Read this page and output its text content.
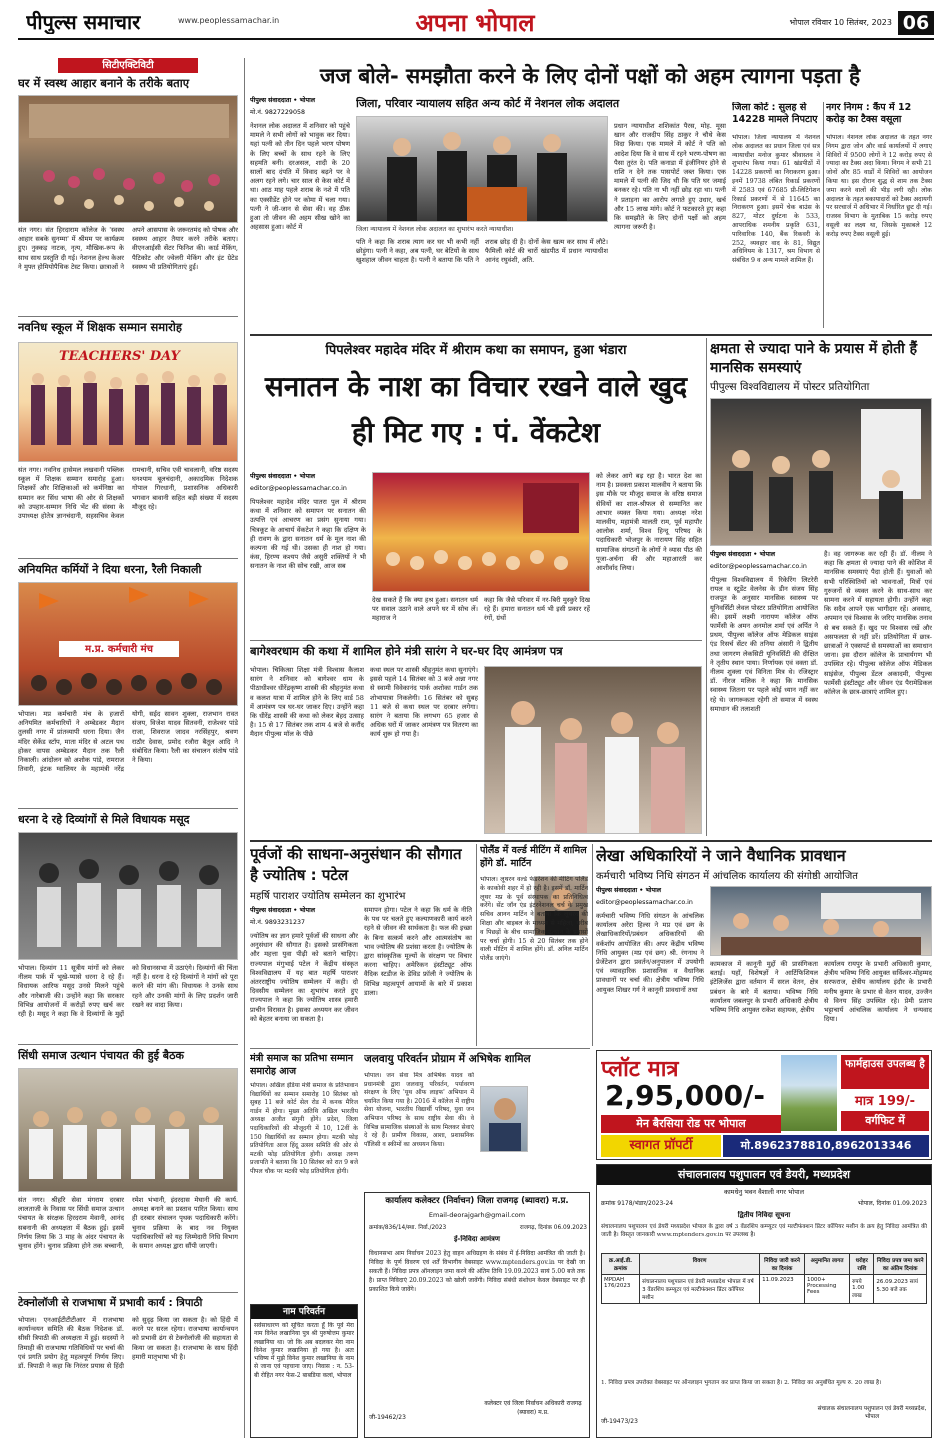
पीपुल्स समाचार	www.peoplessamachar.in	अपना भोपाल	भोपाल रविवार 10 सितंबर, 2023 06
सिटीएक्टिविटी
घर में स्वस्थ आहार बनाने के तरीके बताए
संत नगर। संत हिरदाराम कॉलेज के 'स्वस्थ आहार सबके सुनम्मा' में श्रीमम पर कार्यक्रम हुए। नुक्कड़ नाटक, नृत्य, मौखिक-रूप के साथ साथ प्रस्तुति दी गई। नेशनल हेल्थ केअर ने मुफ्त होमियोपैथिक टेस्ट किया। छात्राओं ने अपने आसपास के जरूरतमंद को पोषक और स्वस्थ्य आहार तैयार करने तरीके बताए। वीएनआईसी सेंटर फिनिश की। कार्ड मेकिंग, पैटिकोट और ज्वेलरी मेकिंग और इंट ग्रेटेड स्वस्थ्य भी प्रतियोगिताएं हुईं।
नवनिध स्कूल में शिक्षक सम्मान समारोह
TEACHERS' DAY
संत नगर। नवनिध हासेमल लखवानी पब्लिक स्कूल में शिक्षक सम्मान समारोह हुआ। शिक्षकों और शिक्षिकाओं को कर्मनिष्ठा का सम्मान कर सिंध भाषा की ओर से शिक्षकों को उपहार-सम्मान निधि भेंट की संस्था के उपाध्यक्ष होतेत्र ज्ञानचंदानी, सहसचिव केवल रामचानी, सचिव एवी चावलानी, वरिष्ठ सदस्य घनश्याम बूलचंदानी, अकादमिक निदेशक गोपाल गिरधानी, प्रशासनिक अधिकारी भगवान बावानी सहित बड़ी संख्या में सदस्य मौजूद रहे।
अनियमित कर्मियों ने दिया धरना, रैली निकाली
म.प्र. कर्मचारी मंच
भोपाल। मप्र कर्मचारी मंच के हजारों अनियमित कर्मचारियों ने अम्बेडकर मैदान तुलसी नगर में प्रांतव्यापी धरना दिया। जैन मंदिर सेकेंड स्टॉप, माता मंदिर से अटल पथ होकर वापस अम्बेडकर मैदान तक रैली निकाली। आंदोलन को अशोक पांडे, रामराज तिवारी, इंटक ग्वालियर के महामंत्री नरेंद्र योगी, सईद सावन शुक्ला, राजभान रावत संजय, विजेश यादव सितवनी, राजेश्वर पांडे राजा, शिवराज जादव नरसिंहपुर, श्रवण राठौर देवास, प्रमोद रजौरा बैतूल आदि ने संबोधित किया। रैली का संचालन संतोष पांडे ने किया।
धरना दे रहे दिव्यांगों से मिले विधायक मसूद
भोपाल। दिव्यांग 11 सूत्रीय मांगों को लेकर नीलम पार्क में भूखे-प्यासे धरना दे रहे हैं। विधायक आरिफ मसूद उनसे मिलने पहुंचे और नारेबाजी की। उन्होंने कहा कि सरकार विभिन्न आयोजनों में करोड़ों रुपए खर्च कर रही है। मसूद ने कहा कि वे दिव्यांगों के मुद्दों को विधानसभा में उठाएंगे। दिव्यांगों की चिंता नहीं है। धरना दे रहे दिव्यांगों ने मांगों को पूरा करने की मांग की। विधायक ने उनके साथ रहने और उनकी मांगों के लिए प्रदर्शन जारी रखने का वादा किया।
सिंधी समाज उत्थान पंचायत की हुई बैठक
संत नगर। श्रीहरि सेवा मंगराम दरबार लालताजी के निवास पर सिंधी समाज उत्थान पंचायत के संरक्षक हिरदराम मेवानी, आनंद सबनानी की अध्यक्षता में बैठक हुई। इसमें निर्णय लिया कि 3 माह के अंदर पंचायत के चुनाव होंगे। चुनाव प्रक्रिया होने तक बच्चानी, रमेश भंभानी, इंदरदास मेघानी की कार्य. अध्यक्ष बनाने का प्रस्ताव पारित किया। साथ ही दरबार संचालन पृथक पदाधिकारी करेंगे। चुनाव प्रक्रिया के बाद नव नियुक्त पदाधिकारियों को यह जिम्मेदारी निधि विभाग के समान अध्यक्ष द्वारा सौंपी जाएगी।
टेक्नोलॉजी से राजभाषा में प्रभावी कार्य : त्रिपाठी
भोपाल। एनआईटीटीटीआर में राजभाषा कार्यान्वयन समिति की बैठक निदेशक डॉ. सीसी त्रिपाठी की अध्यक्षता में हुई। सदस्यों ने तिमाही की राजभाषा गतिविधियों पर चर्चा की एवं प्रगति प्रयोग हेतु महत्वपूर्ण निर्णय लिए। डॉ. त्रिपाठी ने कहा कि निरंतर प्रयास से हिंदी को सुदृढ़ किया जा सकता है। को हिंदी में करने पर सरल रहेगा। राजभाषा कार्यान्वयन को प्रभावी ढंग से टेक्नोलॉजी की सहायता से किया जा सकता है। राजभाषा के साथ हिंदी हमारी मातृभाषा भी है।
जज बोले- समझौता करने के लिए दोनों पक्षों को अहम त्यागना पड़ता है
पीपुल्स संवाददाता • भोपाल
मो.नं. 9827229058
जिला, परिवार न्यायालय सहित अन्य कोर्ट में नेशनल लोक अदालत
जिला न्यायालय में नेशनल लोक अदालत का शुभारंभ करते न्यायाधीश।
नेशनल लोक अदालत में शनिवार को पहुंचे मामले ने सभी लोगों को भावुक कर दिया। यहां पत्नी को तीन दिन पहले भरण पोषण के लिए बच्चों के साथ रहने के लिए सहमति बनी। दरअसल, शादी के 20 सालों बाद दंपति में विवाद बढ़ने पर वे अलग रहने लगे। चार साल से केस कोर्ट में था। आठ माह पहले शराब के नशे में पति का एक्सीडेंट होने पर कोमा में चला गया। पत्नी ने जी-जान से सेवा की। वह ठीक हुआ तो जीवन की अहम सीख खोने का अहसास हुआ। कोर्ट में
पति ने कहा कि शराब त्याग कर घर भी कभी नहीं छोड़ूंगा। पत्नी ने कहा, अब पत्नी, घर बेटियों के साथ खुशहाल जीवन चाहता है। पत्नी ने बताया कि पति ने शराब छोड़ दी है। दोनों केस खत्म कर साथ में लौटे। फैमिली कोर्ट की चारों खंडपीठ में प्रधान न्यायाधीश आनंद रघुवंशी, अति.
प्रधान न्यायाधीश शशिकांत पैरस, मोह. मूसा खान और राजदीप सिंह ठाकुर ने चौथे केस विदा किया। एक मामले में कोर्ट ने पति को आदेश दिया कि वे साथ में रहने भरण-पोषण का पैसा तुरंत दे। पति कनाडा में इंजीनियर होने से राशि न देने तक पासपोर्ट जब्त किया। एक मामले में पत्नी की जिद थी कि पति घर जमाई बनकर रहे। पति ना भी नहीं छोड़ रहा था। पत्नी ने प्रताड़ना का आरोप लगाते हुए उधार, खर्च और 15 लाख मांगे। कोर्ट ने फटकारते हुए कहा कि समझौते के लिए दोनों पक्षों को अहम त्यागना जरूरी है।
जिला कोर्ट : सुलह से 14228 मामले निपटाए
भोपाल। जिला न्यायालय में नेशनल लोक अदालत का प्रधान जिला एवं सत्र न्यायाधीश मनोज कुमार श्रीवास्तव ने शुभारंभ किया गया। 61 खंडपीठों में 14228 प्रकरणों का निराकरण हुआ। इनमें 19738 लंबित रिकार्ड प्रकरणों में 2583 एवं 67685 प्री-लिटिगेशन रिकार्ड प्रकरणों में से 11645 का निराकरण हुआ। इसमें चेक बाउंस के 827, मोटर दुर्घटना के 533, आपराधिक शमनीय प्रकृति 631, पारिवारिक 140, बैंक रिकवरी के 252, व्यवहार वाद के 81, विद्युत अधिनियम के 1317, श्रम विभाग से संबंधित 9 व अन्य मामले शामिल हैं।
नगर निगम : कैंप में 12 करोड़ का टैक्स वसूला
भोपाल। नेशनल लोक अदालत के तहत नगर निगम द्वारा जोन और वार्ड कार्यालयों में लगाए शिविरों में 9500 लोगों ने 12 करोड़ रुपए से ज्यादा का टैक्स अदा किया। निगम ने सभी 21 जोनों और 85 वार्डों में शिविरों का आयोजन किया था। इस दौरान शुद्ध से शाम तक टैक्स जमा करने वालों की भीड़ लगी रही। लोक अदालत के तहत बकायादारों को टैक्स अदायगी पर सरचार्ज में अधिभार में निर्धारित छूट दी गई। राजस्व विभाग के मुताबिक 15 करोड़ रुपए वसूली का लक्ष्य था, जिसके मुकाबले 12 करोड़ रुपए टैक्स वसूली हुई।
पिपलेश्वर महादेव मंदिर में श्रीराम कथा का समापन, हुआ भंडारा
सनातन के नाश का विचार रखने वाले खुद ही मिट गए : पं. वेंकटेश
पीपुल्स संवाददाता • भोपाल
editor@peoplessamachar.co.in
पिपलेश्वर महादेव मंदिर पातरा पुल में श्रीराम कथा में शनिवार को समापन पर सनातन की उत्पत्ति एवं आचरण का प्रसंग सुनाया गया। चित्रकूट के आचार्य वेंकटेश ने कहा कि दक्षिण के ही रावण के द्वारा सनातन धर्म के मूल नाश की कल्पना की गई थी। उसका ही नाश हो गया। कंस, हिरण्य कश्यप जैसे असुरी शक्तियों ने भी सनातन के नाश की सोच रखी, आज सब
देख सकते हैं कि क्या हश्र हुआ। सनातन धर्म पर सवाल उठाने वाले अपने घर में सोच लें। महाराज ने
कहा कि जैसे परिवार में नर-बिरी मुस्कुरे दिख रहे हैं। हमारा सनातन धर्म भी इसी प्रकार रहें रंगों, ग्रंथों
को लेकर आगे बढ़ रहा है। भारत देश का नाम है। प्रवक्ता प्रकाश मालवीय ने बताया कि इस मौके पर मौजूद समाज के वरिष्ठ समाज सेवियों का शाल-श्रीफल से सम्मानित कर आभार व्यक्त किया गया। अध्यक्ष नरेश मालवीय, महामंत्री मालती राम, पूर्व महापौर आलोक शर्मा, विश्व हिन्दू परिषद के पदाधिकारी भोजपुर के नारायण सिंह सहित सामाजिक संगठनों के लोगों ने व्यास पीठ की पूजा-अर्चना की और महाआरती कर आशीर्वाद लिया।
क्षमता से ज्यादा पाने के प्रयास में होती हैं मानसिक समस्याएं
पीपुल्स विश्वविद्यालय में पोस्टर प्रतियोगिता
पीपुल्स संवाददाता • भोपाल
editor@peoplessamachar.co.in
पीपुल्स विश्वविद्यालय में रिकेरिंग लिटरेरी रायल व स्टूडेंट वेलनेस के डीन संजय सिंह राजपूत के अनुसार मानसिक स्वास्थ्य पर यूनिवर्सिटी लेवल पोस्टर प्रतियोगिता आयोजित की। इसमें लक्ष्मी नारायण कॉलेज ऑफ फार्मेसी के अमन अनमोल शर्मा एवं अर्पित ने प्रथम, पीपुल्स कॉलेज ऑफ मेडिकल साइंस एंड रिसर्च सेंटर की तनिया अंसारी ने द्वितीय तथा जागरण लेकसिटी यूनिवर्सिटी की दीक्षित ने तृतीय स्थान पाया। निर्णायक एवं वक्ता डॉ. नीलम शुक्ला एवं विनिता मित्र थे। रजिस्ट्रार डॉ. नीरज मलिक ने कहा कि मानसिक स्वास्थ्य जितना पर पहले कोई ध्यान नहीं कर रहे थे। जागरूकता रहेगी तो समाज में स्वस्थ समाधान की तलाशती
है। वह जागरूक कर रही हैं। डॉ. नीलम ने कहा कि क्षमता से ज्यादा पाने की कोशिश में मानसिक समस्याएं पैदा होती हैं। युवाओं को सभी परिस्थितियों को भावनाओं, मित्रों एवं गुरुजनों से व्यक्त करने के साथ-साथ कर सामना करने में सहायता होगी। उन्होंने कहा कि सदैव आपने एक भागीदार रहें। अवसाद, अपमान एवं विश्वास के जरिए मानसिक तनाव से बच सकते हैं। खुद पर विश्वास रखें और असफलता से नहीं डरें। प्रतियोगिता में छात्र-छात्राओं ने एक्सपर्ट से समस्याओं का समाधान जाना। इस दौरान कॉलेज के प्राचार्यगण भी उपस्थित रहे। पीपुल्स कॉलेज ऑफ मेडिकल साइंसेज, पीपुल्स डेंटल अकादमी, पीपुल्स फार्मेसी इंस्टीट्यूट और जीवन एंड पैरामेडिकल कॉलेज के छात्र-छात्राएं शामिल हुए।
बागेश्वरधाम की कथा में शामिल होने मंत्री सारंग ने घर-घर दिए आमंत्रण पत्र
भोपाल। चिकित्सा शिक्षा मंत्री विश्वास कैलाश सारंग ने शनिवार को बागेश्वर धाम के पीठाधीश्वर धीरेंद्रकृष्ण शास्त्री की श्रीहनुमंत कथा व कलश यात्रा में शामिल होने के लिए वार्ड 58 में आमंत्रण पत्र घर-घर जाकर दिए। उन्होंने कहा कि धीरेंद्र शास्त्री की कथा को लेकर बेहद उत्साह है। 15 से 17 सितंबर तक शाम 4 बजे से करौंद मैदान पीपुल्स मॉल के पीछे
कथा स्थल पर शास्त्री श्रीहनुमंत कथा सुनाएंगे। इससे पहले 14 सितंबर को 3 बजे अन्ना नगर से स्वामी विवेकानंद पार्क अशोका गार्डन तक शोभायात्रा निकलेगी। 16 सितंबर को सुबह 11 बजे से कथा स्थल पर दरबार लगेगा। सारंग ने बताया कि लगभग 65 हजार से अधिक घरों में जाकर आमंत्रण पत्र वितरण का कार्य शुरू हो गया है।
पूर्वजों की साधना-अनुसंधान की सौगात है ज्योतिष : पटेल
महर्षि पाराशर ज्योतिष सम्मेलन का शुभारंभ
पीपुल्स संवाददाता • भोपाल
मो.नं. 9893231237
ज्योतिष का ज्ञान हमारे पूर्वजों की साधना और अनुसंधान की सौगात है। इसको प्रासंगिकता और महत्ता युवा पीढ़ी को बताने चाहिए। राज्यपाल मंगुभाई पटेल ने केंद्रीय संस्कृत विश्वविद्यालय में यह बात महर्षि पाराशर अंतरराष्ट्रीय ज्योतिष सम्मेलन में कही। दो दिवसीय सम्मेलन का शुभारंभ करते हुए राज्यपाल ने कहा कि ज्योतिष शास्त्र हमारी प्राचीन विरासत है। इसका अध्ययन कर जीवन को बेहतर बनाया जा सकता है।
समापन होगा। पटेल ने कहा कि धर्म के नीति के पथ पर चलते हुए कल्याणकारी कार्य करने रहने से जीवन की सार्थकता है। फल की इच्छा के बिना सत्कर्म करने और आत्मसंतोष का भाव ज्योतिष की प्रशंसा करता है। ज्योतिष के द्वारा सांस्कृतिक मूल्यों के संरक्षण पर विचार करना चाहिए। अमेरिकन इंस्टीट्यूट ऑफ वैदिक स्टडीज के डेविड फ्रॉली ने ज्योतिष के विभिन्न महत्वपूर्ण आयामों के बारे में प्रकाश डाला।
पोलैंड में वर्ल्ड मीटिंग में शामिल होंगे डॉ. मार्टिन
भोपाल। लूथरन वर्ल्ड फेडरेशन की मीटिंग पोलैंड के काकोवी शहर में हो रही है। इसमें डॉ. मार्टिन लूथर मप्र के पूर्व संस्थापक का प्रतिनिधित्व करेंगे। सेंट जॉन एंड इंटरनेशनल चर्च के प्रमुख सचिव आनन मार्टिन ने बताया कि लूथरन की शिक्षा और बाइबल के माध्यम से महिला, गरीब व पिछड़ों के बीच सामाजिक उत्थान के प्रयासों पर चर्चा होगी। 15 से 20 सितंबर तक होने वाली मीटिंग में शामिल होंगे। डॉ. अनिल मार्टिन पोलैंड जाएंगे।
लेखा अधिकारियों ने जाने वैधानिक प्रावधान
कर्मचारी भविष्य निधि संगठन में आंचलिक कार्यालय की संगोष्ठी आयोजित
पीपुल्स संवाददाता • भोपाल
editor@peoplessamachar.co.in
कर्मचारी भविष्य निधि संगठन के आंचलिक कार्यालय अरेरा हिल्स ने मप्र एवं छग के लेखाधिकारियों/प्रबंधन अधिकारियों की वर्कशॉप आयोजित की। अपर केंद्रीय भविष्य निधि आयुक्त (मप्र एवं छग) श्री. रंगनाथ ने प्रेजेंटेशन द्वारा प्रवर्तन/अनुपालन में उपयोगी एवं व्यावहारिक प्रशासनिक व वैधानिक प्रावधानों पर चर्चा की। क्षेत्रीय भविष्य निधि आयुक्त शिखर गर्ग ने कानूनी प्रावधानों तथा
कामकाज में कानूनी मुद्दों की प्रासंगिकता बताई। यहाँ, विशेषज्ञों ने आर्टिफिशियल इंटेलिजेंस द्वारा वर्तमान में सरल वेतन, क्षेत्र प्रबंधन के बारे में बताया। भविष्य निधि कार्यालय जबलपुर के प्रभारी अधिकारी क्षेत्रीय भविष्य निधि आयुक्त राकेश सहायक, क्षेत्रीय
कार्यालय रायपुर के प्रभारी अधिकारी कुमार, क्षेत्रीय भविष्य निधि आयुक्त सर्विश्वर-मोहम्मद सरफराज, क्षेत्रीय कार्यालय इंदौर के प्रभारी मनीष कुमार के प्रभार से वेतन यादव, उज्जैन से विनय सिंह उपस्थित रहे। प्रेमी प्रताप भट्टाचार्य आंचलिक कार्यालय ने धन्यवाद दिया।
मंत्री समाज का प्रतिभा सम्मान समारोह आज
भोपाल। अखिल इंडिया मंत्री समाज के प्रतिभावान विद्यार्थियों का सम्मान समारोह 10 सितंबर को सुबह 11 बजे कोर्ट सेल रोड में कनक मैरिज गार्डन में होगा। मुख्य अतिथि अखिल भारतीय अध्यक्ष अजीत संगुनी होंगे। प्रदेश, जिला पदाधिकारियों की मौजूदगी में 10, 12वीं के 150 विद्यार्थियों का सम्मान होगा। मटकी फोड़ प्रतियोगिता आज हिंदू उत्सव समिति की ओर से मटकी फोड़ प्रतियोगिता होगी। अध्यक्ष तरुण प्रजापति ने बताया कि 10 सितंबर को रात 9 बजे पीपल चौक पर मटकी फोड़ प्रतियोगिता होगी।
जलवायु परिवर्तन प्रोग्राम में अभिषेक शामिल
भोपाल। जन सेवा मित्र अभिषेक यादव को प्रधानमंत्री द्वारा जलवायु परिवर्तन, पर्यावरण संरक्षण के लिए 'यूथ ऑफ लाइफ' अभियान में चयनित किया गया है। 2016 में कॉलेज में राष्ट्रीय सेवा योजना, भारतीय विद्यार्थी परिषद, युवा जन अभियान परिषद के साथ राष्ट्रीय सेवा की। वे विभिन्न सामाजिक संस्थाओं के साथ मिलकर सेवाएं दे रहे हैं। प्रामीण विकास, आशा, प्रशासनिक पॉलिसी व स्कीमों का अध्ययन किया।
नाम परिवर्तन
सर्वसाधारण को सूचित करता हूँ कि पूर्व मेरा नाम विनेश लखानिया पुत्र श्री पुरुषोत्तम कुमार लखानिया था। जो कि अब बदलकर मेरा नाम विनेश कुमार लखानिया हो गया है। अतः भविष्य में मुझे विनेश कुमार लखानिया के नाम से जाना एवं पहचाना जाए। निवास : न. 53- बी रोहित नगर फेस-2 बाबडिया कलां, भोपाल
कार्यालय कलेक्टर (निर्वाचन) जिला राजगढ़ (ब्यावरा) म.प्र.
Email-deorajgarh@gmail.com
क्रमांक/836/14/स्था. निर्वा./2023	राजगढ़, दिनांक 06.09.2023
ई-निविदा आमंत्रण
विधानसभा आम निर्वाचन 2023 हेतु वाहन अधिग्रहण के संबंध में ई-निविदा आमंत्रित की जाती है। निविदा के पूर्ण विवरण एवं शर्तें विभागीय वेबसाइट www.mptenders.gov.in पर देखी जा सकती हैं। निविदा प्रपत्र ऑनलाइन जमा करने की अंतिम तिथि 19.09.2023 सायं 5.00 बजे तक है। प्राप्त निविदाएं 20.09.2023 को खोली जावेंगी। निविदा संबंधी संशोधन केवल वेबसाइट पर ही प्रकाशित किये जावेंगे।
जी-19462/23
कलेक्टर एवं जिला निर्वाचन अधिकारी राजगढ़ (ब्यावरा) म.प्र.
प्लॉट मात्र
2,95,000/-
मेन बैरसिया रोड पर भोपाल
स्वागत प्रॉपर्टी	मो.8962378810,8962013346
फार्महाउस उपलब्ध है
मात्र 199/-
वर्गफिट में
संचालनालय पशुपालन एवं डेयरी, मध्यप्रदेश
कामधेनु भवन वैशाली नगर भोपाल
क्रमांक 9178/भंडार/2023-24	भोपाल, दिनांक 01.09.2023
द्वितीय निविदा सूचना
संचालनालय पशुपालन एवं डेयरी मध्यप्रदेश भोपाल के द्वारा वर्ष 3 वेंडरशिप कम्प्यूटर एवं मल्टीफंक्शन प्रिंटर कॉपियर मशीन के क्रय हेतु निविदा आमंत्रित की जाती है। विस्तृत जानकारी www.mptenders.gov.in पर उपलब्ध है।
क्र.आई.डी. क्रमांक	विवरण	निविदा जारी करने का दिनांक	अनुमानित लागत	धरोहर राशि	निविदा प्रपत्र जमा करने का अंतिम दिनांक
MPDAH 176/2023	संचालनालय पशुपालन एवं डेयरी मध्यप्रदेश भोपाल में वर्ष 3 वेंडरशिप कम्प्यूटर एवं मल्टीफंक्शन प्रिंटर कॉपियर मशीन	11.09.2023	1000+ Processing Fees	रुपये 1.00 लाख	26.09.2023 सायं 5.30 बजे तक
1. निविदा प्रपत्र उपरोक्त वेबसाइट पर ऑनलाइन भुगतान कर प्राप्त किया जा सकता है। 2. निविदा का अनुबंधित मूल्य रु. 20 लाख है।
जी-19473/23
संचालक संचालनालय पशुपालन एवं डेयरी मध्यप्रदेश, भोपाल
